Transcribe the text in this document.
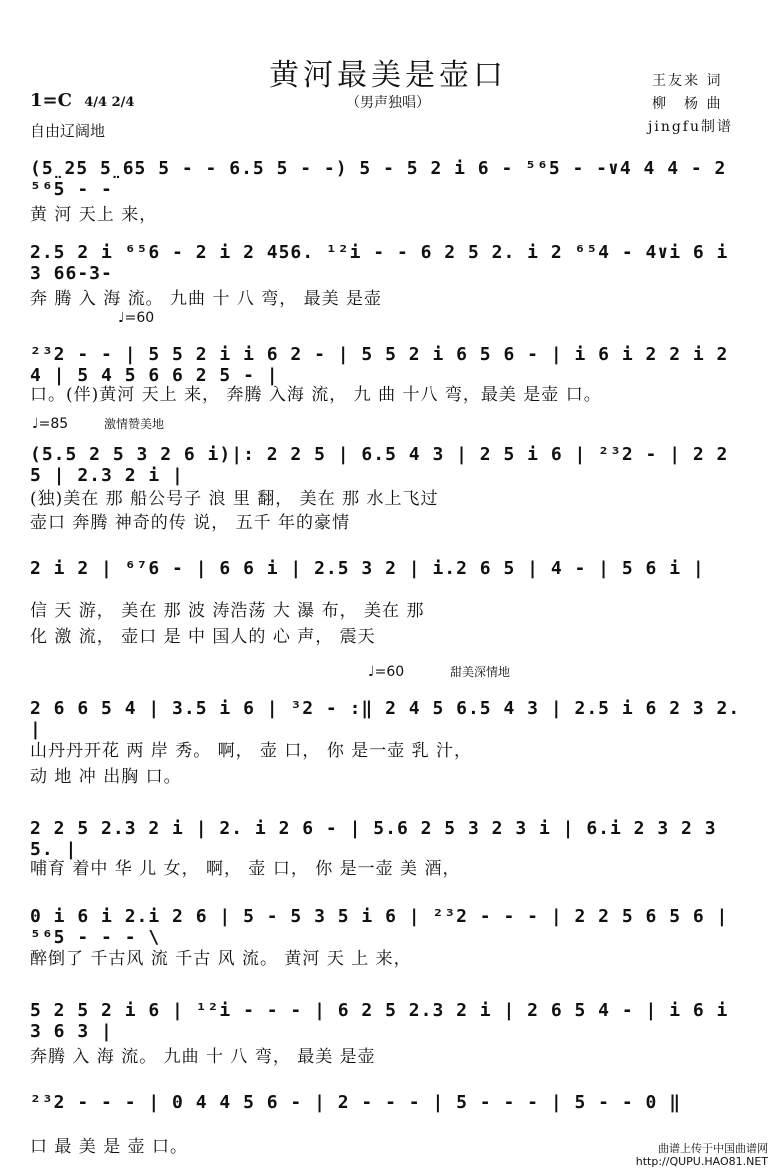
黄河最美是壶口
（男声独唱）
王友来 词
柳　杨 曲
jingfu制谱
1=C 4/4 2/4
自由辽阔地
♩=60
♩=85	激情赞美地
♩=60	甜美深情地
(5̤25 5̤65 5 - - 6.5 5 - -) 5 - 5 2 i 6 - ⁵⁶5 - -∨4 4 4 - 2 ⁵⁶5 - -
黄 河 天上 来，
2.5 2 i ⁶⁵6 - 2 i 2 456. ¹²i - - 6 2 5 2. i 2 ⁶⁵4 - 4∨i 6 i 3 66-3-
奔 腾 入 海 流。 九曲 十 八 弯， 最美 是壶
²³2 - - | 5 5 2 i i 6 2 - | 5 5 2 i 6 5 6 - | i 6 i 2 2 i 2 4 | 5 4 5 6 6 2 5 - |
口。(伴)黄河 天上 来， 奔腾 入海 流， 九 曲 十八 弯，最美 是壶 口。
(5.5 2 5 3 2 6 i)|: 2 2 5 | 6.5 4 3 | 2 5 i 6 | ²³2 - | 2 2 5 | 2.3 2 i |
(独)美在 那 船公号子 浪 里 翻， 美在 那 水上飞过
壶口 奔腾 神奇的传 说， 五千 年的豪情
2 i 2 | ⁶⁷6 - | 6 6 i | 2.5 3 2 | i.2 6 5 | 4 - | 5 6 i |
信 天 游， 美在 那 波 涛浩荡 大 瀑 布， 美在 那
化 激 流， 壶口 是 中 国人的 心 声， 震天
2 6 6 5 4 | 3.5 i 6 | ³2 - :‖ 2 4 5 6.5 4 3 | 2.5 i 6 2 3 2. |
山丹丹开花 两 岸 秀。 啊， 壶 口， 你 是一壶 乳 汁，
动 地 冲 出胸 口。
2 2 5 2.3 2 i | 2. i 2 6 - | 5.6 2 5 3 2 3 i | 6.i 2 3 2 3 5. |
哺育 着中 华 儿 女， 啊， 壶 口， 你 是一壶 美 酒，
0 i 6 i 2.i 2 6 | 5 - 5 3 5 i 6 | ²³2 - - - | 2 2 5 6 5 6 | ⁵⁶5 - - - \
醉倒了 千古风 流 千古 风 流。 黄河 天 上 来，
5 2 5 2 i 6 | ¹²i - - - | 6 2 5 2.3 2 i | 2 6 5 4 - | i 6 i 3 6 3 |
奔腾 入 海 流。 九曲 十 八 弯， 最美 是壶
²³2 - - - | 0 4 4 5 6 - | 2 - - - | 5 - - - | 5 - - 0 ‖
口 最 美 是 壶 口。	曲谱上传于中国曲谱网
http://QUPU.HAO81.NET
